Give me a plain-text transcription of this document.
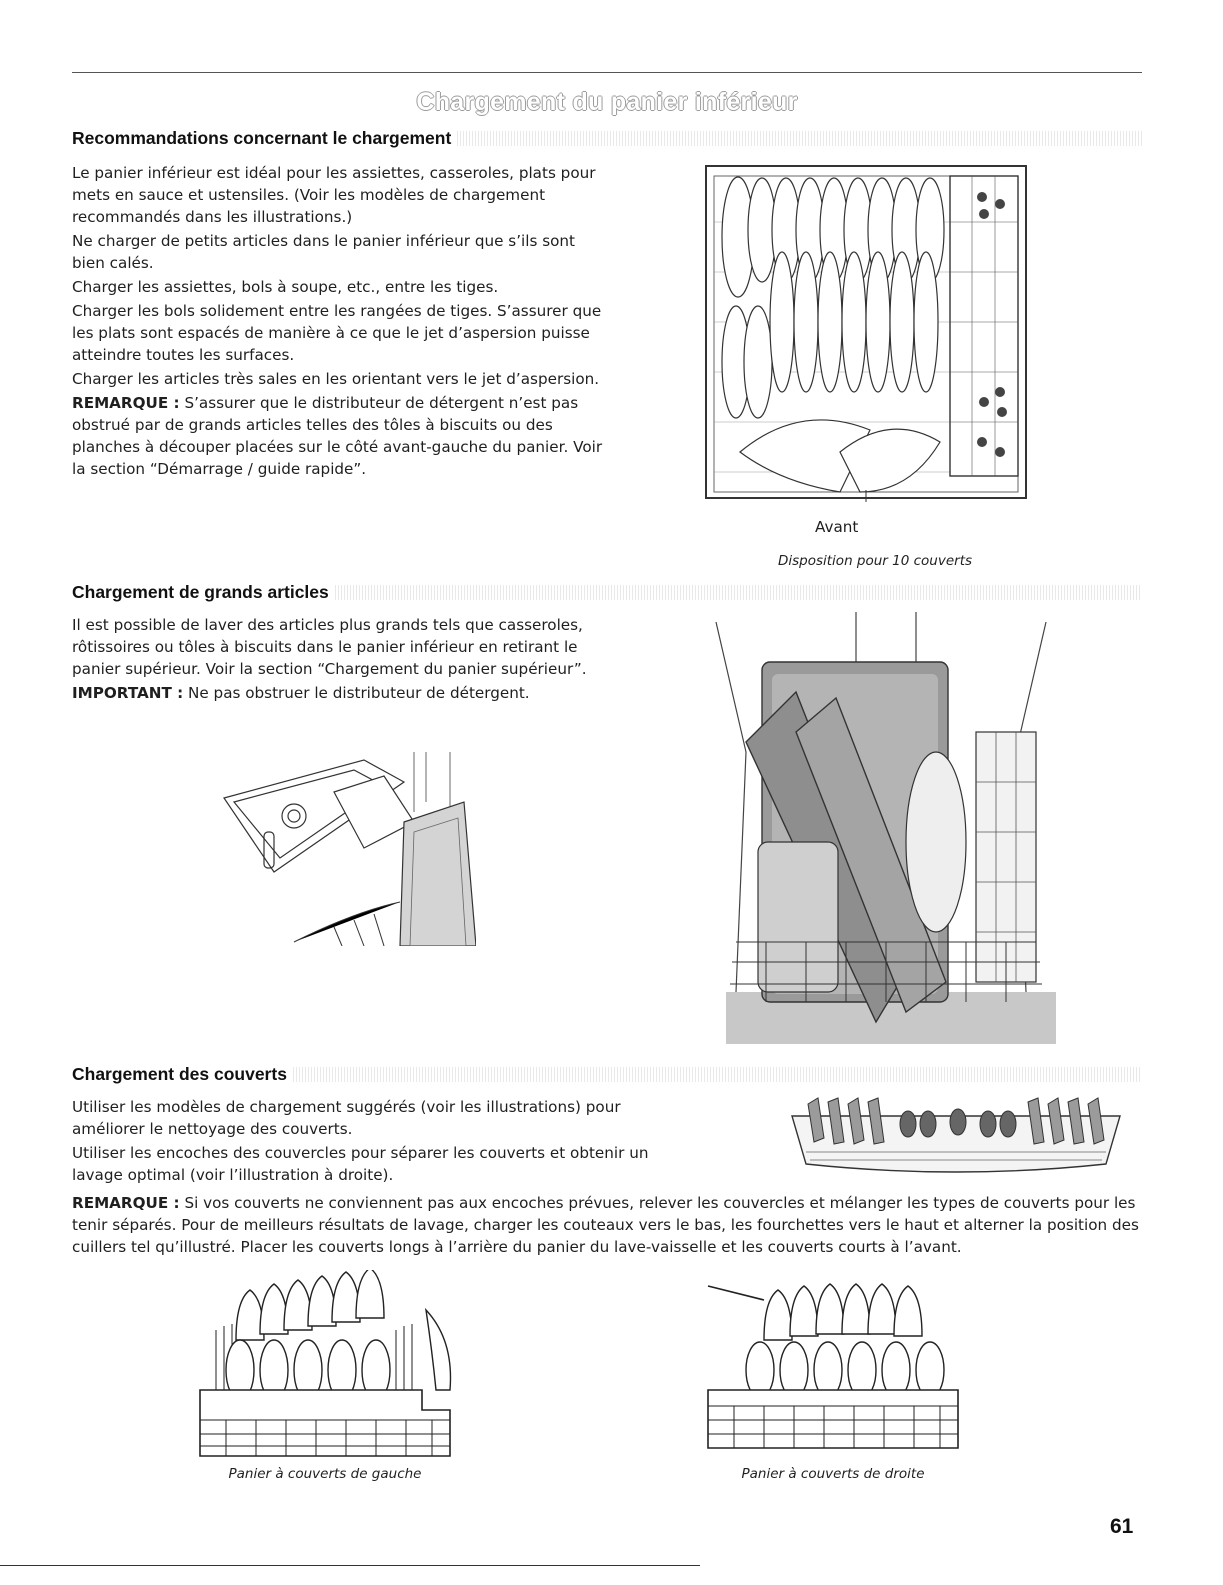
Chargement du panier inférieur
Recommandations concernant le chargement

Le panier inférieur est idéal pour les assiettes, casseroles, plats pour mets en sauce et ustensiles. (Voir les modèles de chargement recommandés dans les illustrations.)

Ne charger de petits articles dans le panier inférieur que s’ils sont bien calés.

Charger les assiettes, bols à soupe, etc., entre les tiges.

Charger les bols solidement entre les rangées de tiges. S’assurer que les plats sont espacés de manière à ce que le jet d’aspersion puisse atteindre toutes les surfaces.

Charger les articles très sales en les orientant vers le jet d’aspersion.

REMARQUE : S’assurer que le distributeur de détergent n’est pas obstrué par de grands articles telles des tôles à biscuits ou des planches à découper placées sur le côté avant-gauche du panier. Voir la section “Démarrage / guide rapide”.

Avant
Disposition pour 10 couverts
Chargement de grands articles

Il est possible de laver des articles plus grands tels que casseroles, rôtissoires ou tôles à biscuits dans le panier inférieur en retirant le panier supérieur. Voir la section “Chargement du panier supérieur”.

IMPORTANT : Ne pas obstruer le distributeur de détergent.

Chargement des couverts

Utiliser les modèles de chargement suggérés (voir les illustrations) pour améliorer le nettoyage des couverts.

Utiliser les encoches des couvercles pour séparer les couverts et obtenir un lavage optimal (voir l’illustration à droite).

REMARQUE : Si vos couverts ne conviennent pas aux encoches prévues, relever les couvercles et mélanger les types de couverts pour les tenir séparés. Pour de meilleurs résultats de lavage, charger les couteaux vers le bas, les fourchettes vers le haut et alterner la position des cuillers tel qu’illustré. Placer les couverts longs à l’arrière du panier du lave-vaisselle et les couverts courts à l’avant.

Panier à couverts de gauche	Panier à couverts de droite
61
